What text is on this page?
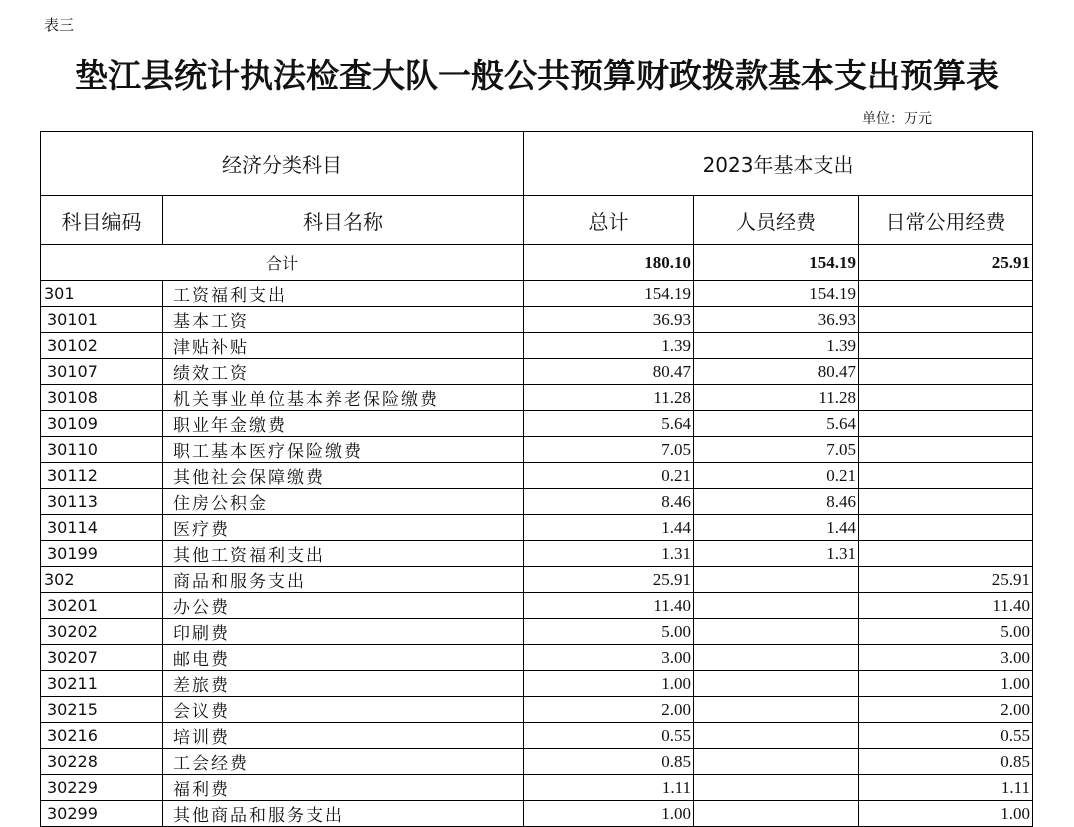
表三
垫江县统计执法检查大队一般公共预算财政拨款基本支出预算表
单位：万元
经济分类科目		2023年基本支出		
科目编码	科目名称	总计	人员经费	日常公用经费
合计		180.10	154.19	25.91
301	工资福利支出	154.19	154.19	
30101	基本工资	36.93	36.93	
30102	津贴补贴	1.39	1.39	
30107	绩效工资	80.47	80.47	
30108	机关事业单位基本养老保险缴费	11.28	11.28	
30109	职业年金缴费	5.64	5.64	
30110	职工基本医疗保险缴费	7.05	7.05	
30112	其他社会保障缴费	0.21	0.21	
30113	住房公积金	8.46	8.46	
30114	医疗费	1.44	1.44	
30199	其他工资福利支出	1.31	1.31	
302	商品和服务支出	25.91		25.91
30201	办公费	11.40		11.40
30202	印刷费	5.00		5.00
30207	邮电费	3.00		3.00
30211	差旅费	1.00		1.00
30215	会议费	2.00		2.00
30216	培训费	0.55		0.55
30228	工会经费	0.85		0.85
30229	福利费	1.11		1.11
30299	其他商品和服务支出	1.00		1.00
